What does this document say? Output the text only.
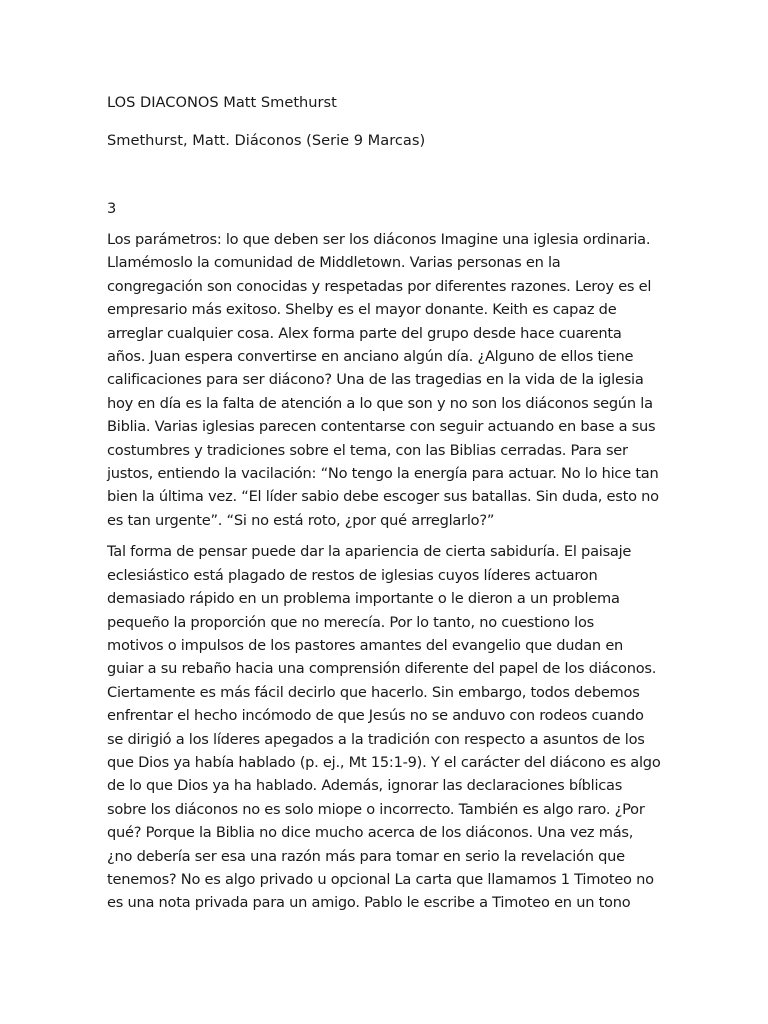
LOS DIACONOS Matt Smethurst

Smethurst, Matt. Diáconos (Serie 9 Marcas)

3

Los parámetros: lo que deben ser los diáconos Imagine una iglesia ordinaria.
Llamémoslo la comunidad de Middletown. Varias personas en la
congregación son conocidas y respetadas por diferentes razones. Leroy es el
empresario más exitoso. Shelby es el mayor donante. Keith es capaz de
arreglar cualquier cosa. Alex forma parte del grupo desde hace cuarenta
años. Juan espera convertirse en anciano algún día. ¿Alguno de ellos tiene
calificaciones para ser diácono? Una de las tragedias en la vida de la iglesia
hoy en día es la falta de atención a lo que son y no son los diáconos según la
Biblia. Varias iglesias parecen contentarse con seguir actuando en base a sus
costumbres y tradiciones sobre el tema, con las Biblias cerradas. Para ser
justos, entiendo la vacilación: “No tengo la energía para actuar. No lo hice tan
bien la última vez. “El líder sabio debe escoger sus batallas. Sin duda, esto no
es tan urgente”. “Si no está roto, ¿por qué arreglarlo?”

Tal forma de pensar puede dar la apariencia de cierta sabiduría. El paisaje
eclesiástico está plagado de restos de iglesias cuyos líderes actuaron
demasiado rápido en un problema importante o le dieron a un problema
pequeño la proporción que no merecía. Por lo tanto, no cuestiono los
motivos o impulsos de los pastores amantes del evangelio que dudan en
guiar a su rebaño hacia una comprensión diferente del papel de los diáconos.
Ciertamente es más fácil decirlo que hacerlo. Sin embargo, todos debemos
enfrentar el hecho incómodo de que Jesús no se anduvo con rodeos cuando
se dirigió a los líderes apegados a la tradición con respecto a asuntos de los
que Dios ya había hablado (p. ej., Mt 15:1-9). Y el carácter del diácono es algo
de lo que Dios ya ha hablado. Además, ignorar las declaraciones bíblicas
sobre los diáconos no es solo miope o incorrecto. También es algo raro. ¿Por
qué? Porque la Biblia no dice mucho acerca de los diáconos. Una vez más,
¿no debería ser esa una razón más para tomar en serio la revelación que
tenemos? No es algo privado u opcional La carta que llamamos 1 Timoteo no
es una nota privada para un amigo. Pablo le escribe a Timoteo en un tono
